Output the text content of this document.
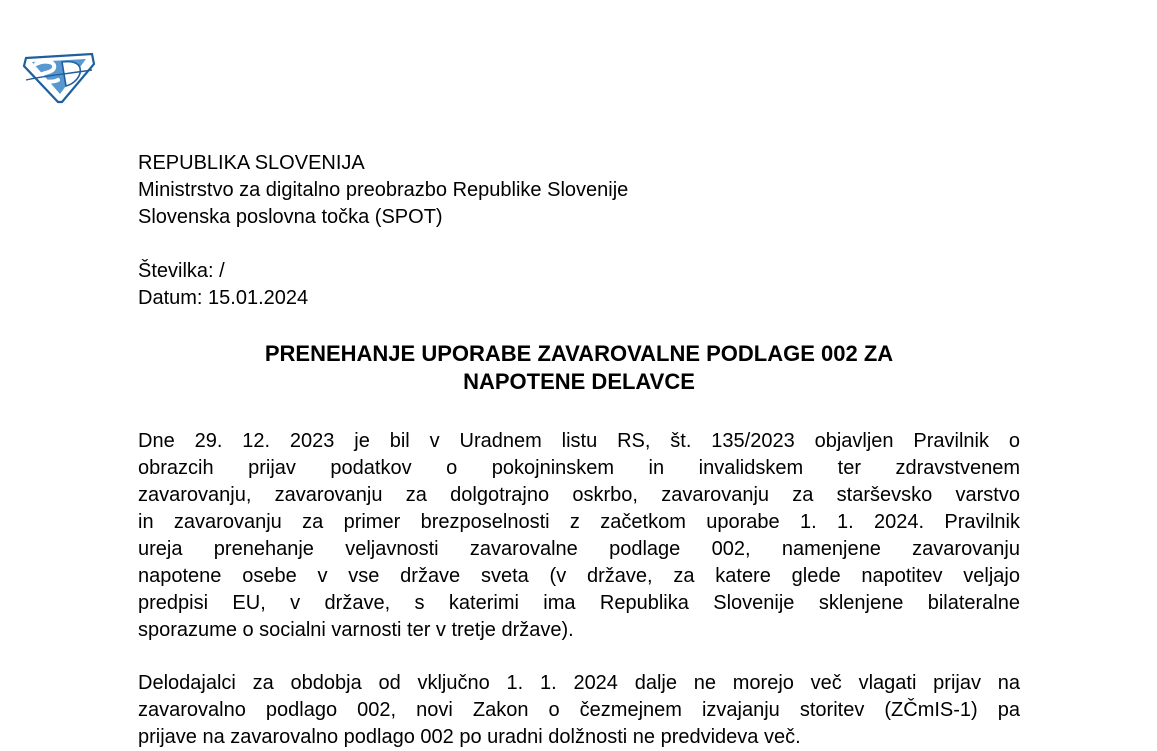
REPUBLIKA SLOVENIJA
Ministrstvo za digitalno preobrazbo Republike Slovenije
Slovenska poslovna točka (SPOT)
Številka: /
Datum: 15.01.2024
PRENEHANJE UPORABE ZAVAROVALNE PODLAGE 002 ZA
NAPOTENE DELAVCE
Dne 29. 12. 2023 je bil v Uradnem listu RS, št. 135/2023 objavljen Pravilnik o
obrazcih prijav podatkov o pokojninskem in invalidskem ter zdravstvenem
zavarovanju, zavarovanju za dolgotrajno oskrbo, zavarovanju za starševsko varstvo
in zavarovanju za primer brezposelnosti z začetkom uporabe 1. 1. 2024. Pravilnik
ureja prenehanje veljavnosti zavarovalne podlage 002, namenjene zavarovanju
napotene osebe v vse države sveta (v države, za katere glede napotitev veljajo
predpisi EU, v države, s katerimi ima Republika Slovenije sklenjene bilateralne
sporazume o socialni varnosti ter v tretje države).
Delodajalci za obdobja od vključno 1. 1. 2024 dalje ne morejo več vlagati prijav na
zavarovalno podlago 002, novi Zakon o čezmejnem izvajanju storitev (ZČmIS-1) pa
prijave na zavarovalno podlago 002 po uradni dolžnosti ne predvideva več.
